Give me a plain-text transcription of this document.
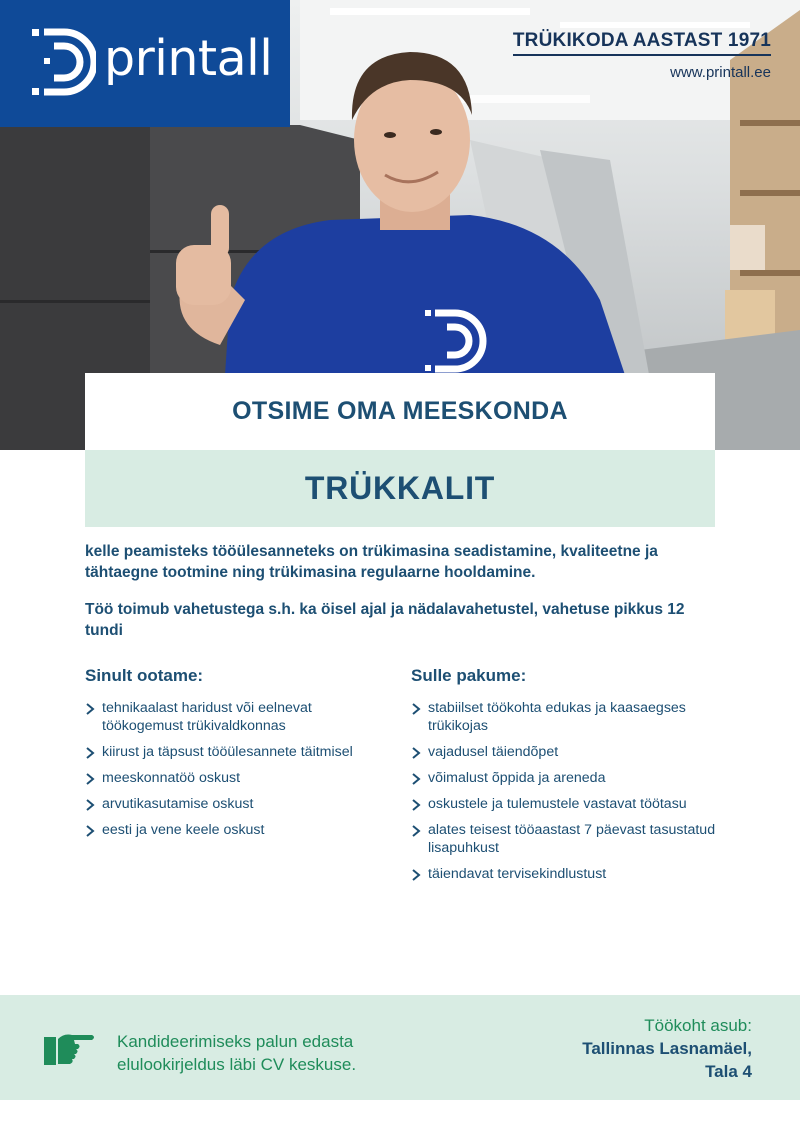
printall	TRÜKIKODA AASTAST 1971
www.printall.ee
OTSIME OMA MEESKONDA
TRÜKKALIT

kelle peamisteks tööülesanneteks on trükimasina seadistamine, kvaliteetne ja tähtaegne tootmine ning trükimasina regulaarne hooldamine.

Töö toimub vahetustega s.h. ka öisel ajal ja nädalavahetustel, vahetuse pikkus 12 tundi

Sinult ootame:
tehnikaalast haridust või eelnevat töökogemust trükivaldkonnas
kiirust ja täpsust tööülesannete täitmisel
meeskonnatöö oskust
arvutikasutamise oskust
eesti ja vene keele oskust
Sulle pakume:
stabiilset töökohta edukas ja kaasaegses trükikojas
vajadusel täiendõpet
võimalust õppida ja areneda
oskustele ja tulemustele vastavat töötasu
alates teisest tööaastast 7 päevast tasustatud lisapuhkust
täiendavat tervisekindlustust
Kandideerimiseks palun edasta
elulookirjeldus läbi CV keskuse.
Töökoht asub:
Tallinnas Lasnamäel,
Tala 4
